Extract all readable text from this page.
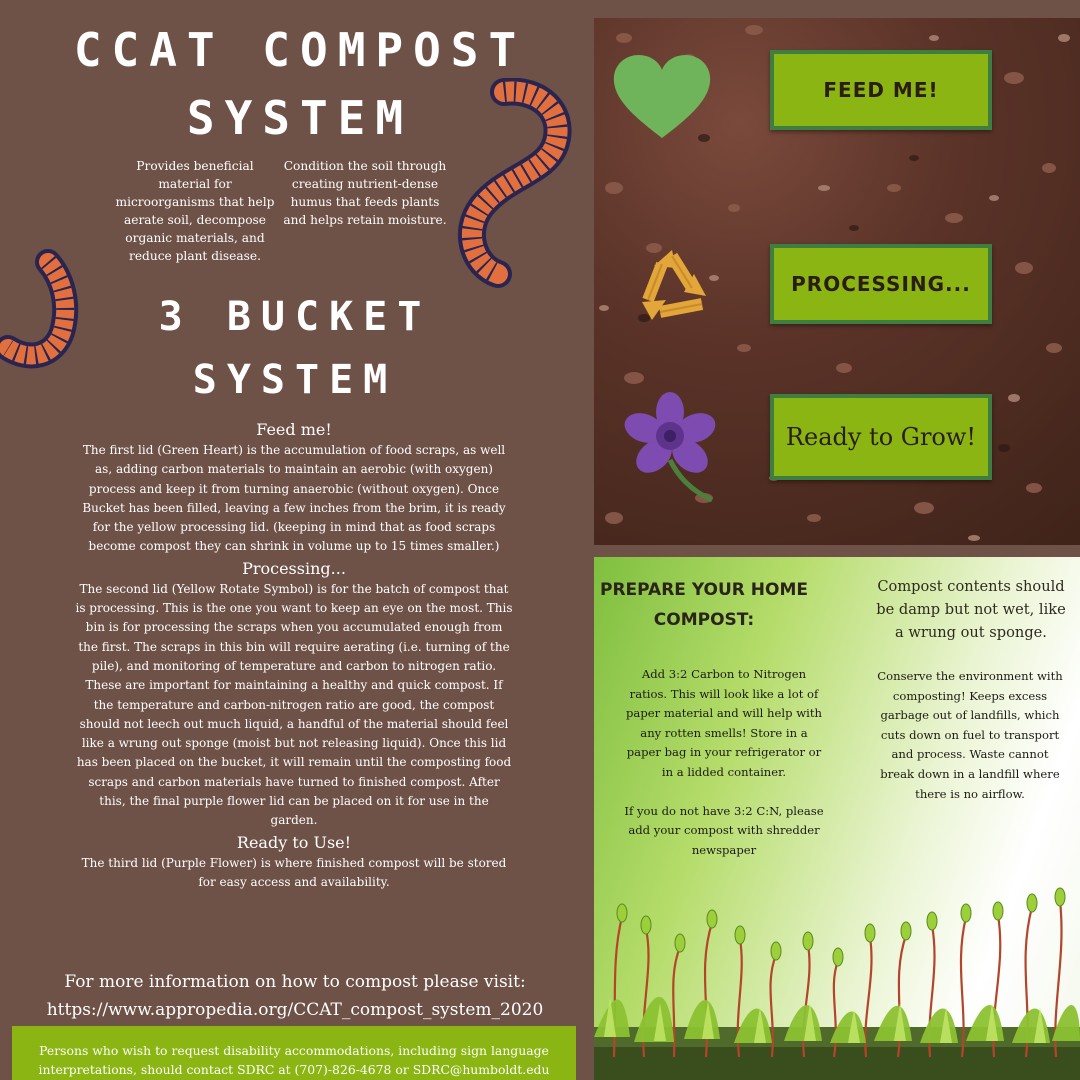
CCAT COMPOST
SYSTEM

Provides beneficial material for microorganisms that help aerate soil, decompose organic materials, and reduce plant disease.

Condition the soil through creating nutrient-dense humus that feeds plants and helps retain moisture.

3 BUCKET
SYSTEM
Feed me!

The first lid (Green Heart) is the accumulation of food scraps, as well as, adding carbon materials to maintain an aerobic (with oxygen) process and keep it from turning anaerobic (without oxygen). Once Bucket has been filled, leaving a few inches from the brim, it is ready for the yellow processing lid. (keeping in mind that as food scraps become compost they can shrink in volume up to 15 times smaller.)

Processing...

The second lid (Yellow Rotate Symbol) is for the batch of compost that is processing. This is the one you want to keep an eye on the most. This bin is for processing the scraps when you accumulated enough from the first. The scraps in this bin will require aerating (i.e. turning of the pile), and monitoring of temperature and carbon to nitrogen ratio. These are important for maintaining a healthy and quick compost. If the temperature and carbon-nitrogen ratio are good, the compost should not leech out much liquid, a handful of the material should feel like a wrung out sponge (moist but not releasing liquid). Once this lid has been placed on the bucket, it will remain until the composting food scraps and carbon materials have turned to finished compost. After this, the final purple flower lid can be placed on it for use in the garden.

Ready to Use!

The third lid (Purple Flower) is where finished compost will be stored for easy access and availability.

For more information on how to compost please visit:
https://www.appropedia.org/CCAT_compost_system_2020
Persons who wish to request disability accommodations, including sign language
interpretations, should contact SDRC at (707)-826-4678 or SDRC@humboldt.edu
FEED ME!
PROCESSING...
Ready to Grow!
PREPARE YOUR HOME COMPOST:

Add 3:2 Carbon to Nitrogen ratios. This will look like a lot of paper material and will help with any rotten smells! Store in a paper bag in your refrigerator or in a lidded container.

If you do not have 3:2 C:N, please add your compost with shredder newspaper

Compost contents should be damp but not wet, like a wrung out sponge.

Conserve the environment with composting! Keeps excess garbage out of landfills, which cuts down on fuel to transport and process. Waste cannot break down in a landfill where there is no airflow.
